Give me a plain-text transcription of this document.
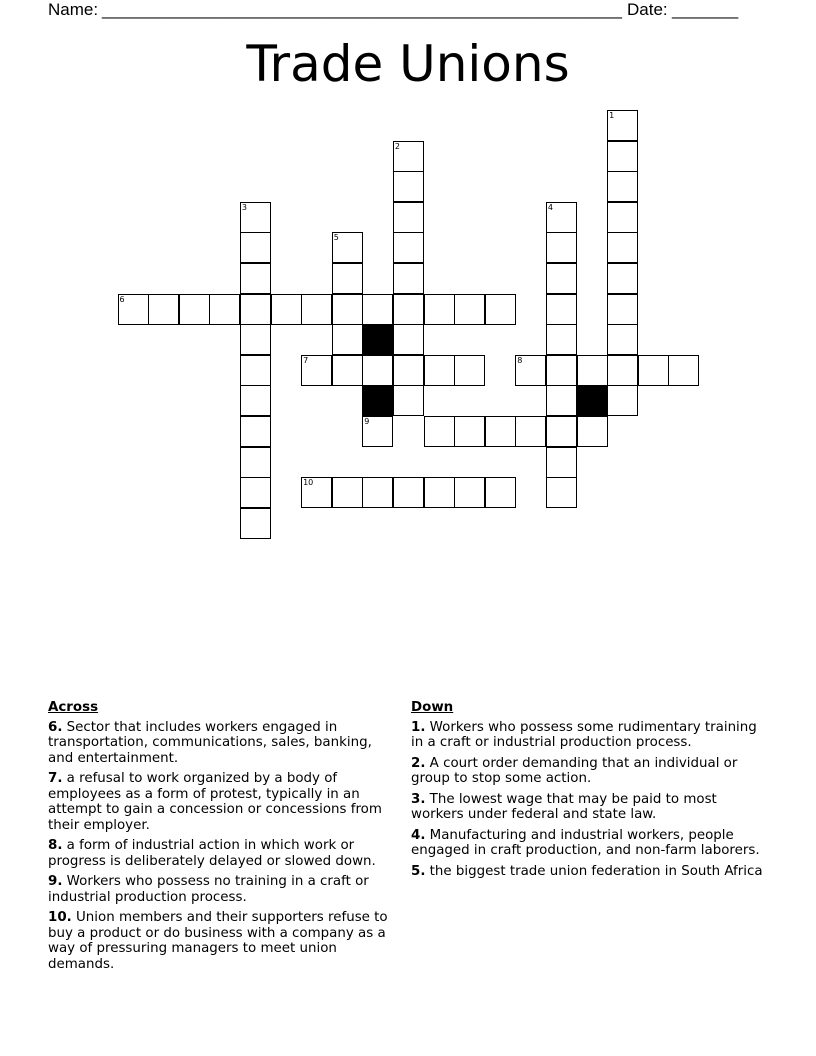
Name: _______________________________________________________ Date: _______
Trade Unions
1
2
3	4
5
6
7	8
9
10
Across
6. Sector that includes workers engaged in transportation, communications, sales, banking, and entertainment.
7. a refusal to work organized by a body of employees as a form of protest, typically in an attempt to gain a concession or concessions from their employer.
8. a form of industrial action in which work or progress is deliberately delayed or slowed down.
9. Workers who possess no training in a craft or industrial production process.
10. Union members and their supporters refuse to buy a product or do business with a company as a way of pressuring managers to meet union demands.
Down
1. Workers who possess some rudimentary training in a craft or industrial production process.
2. A court order demanding that an individual or group to stop some action.
3. The lowest wage that may be paid to most workers under federal and state law.
4. Manufacturing and industrial workers, people engaged in craft production, and non-farm laborers.
5. the biggest trade union federation in South Africa
